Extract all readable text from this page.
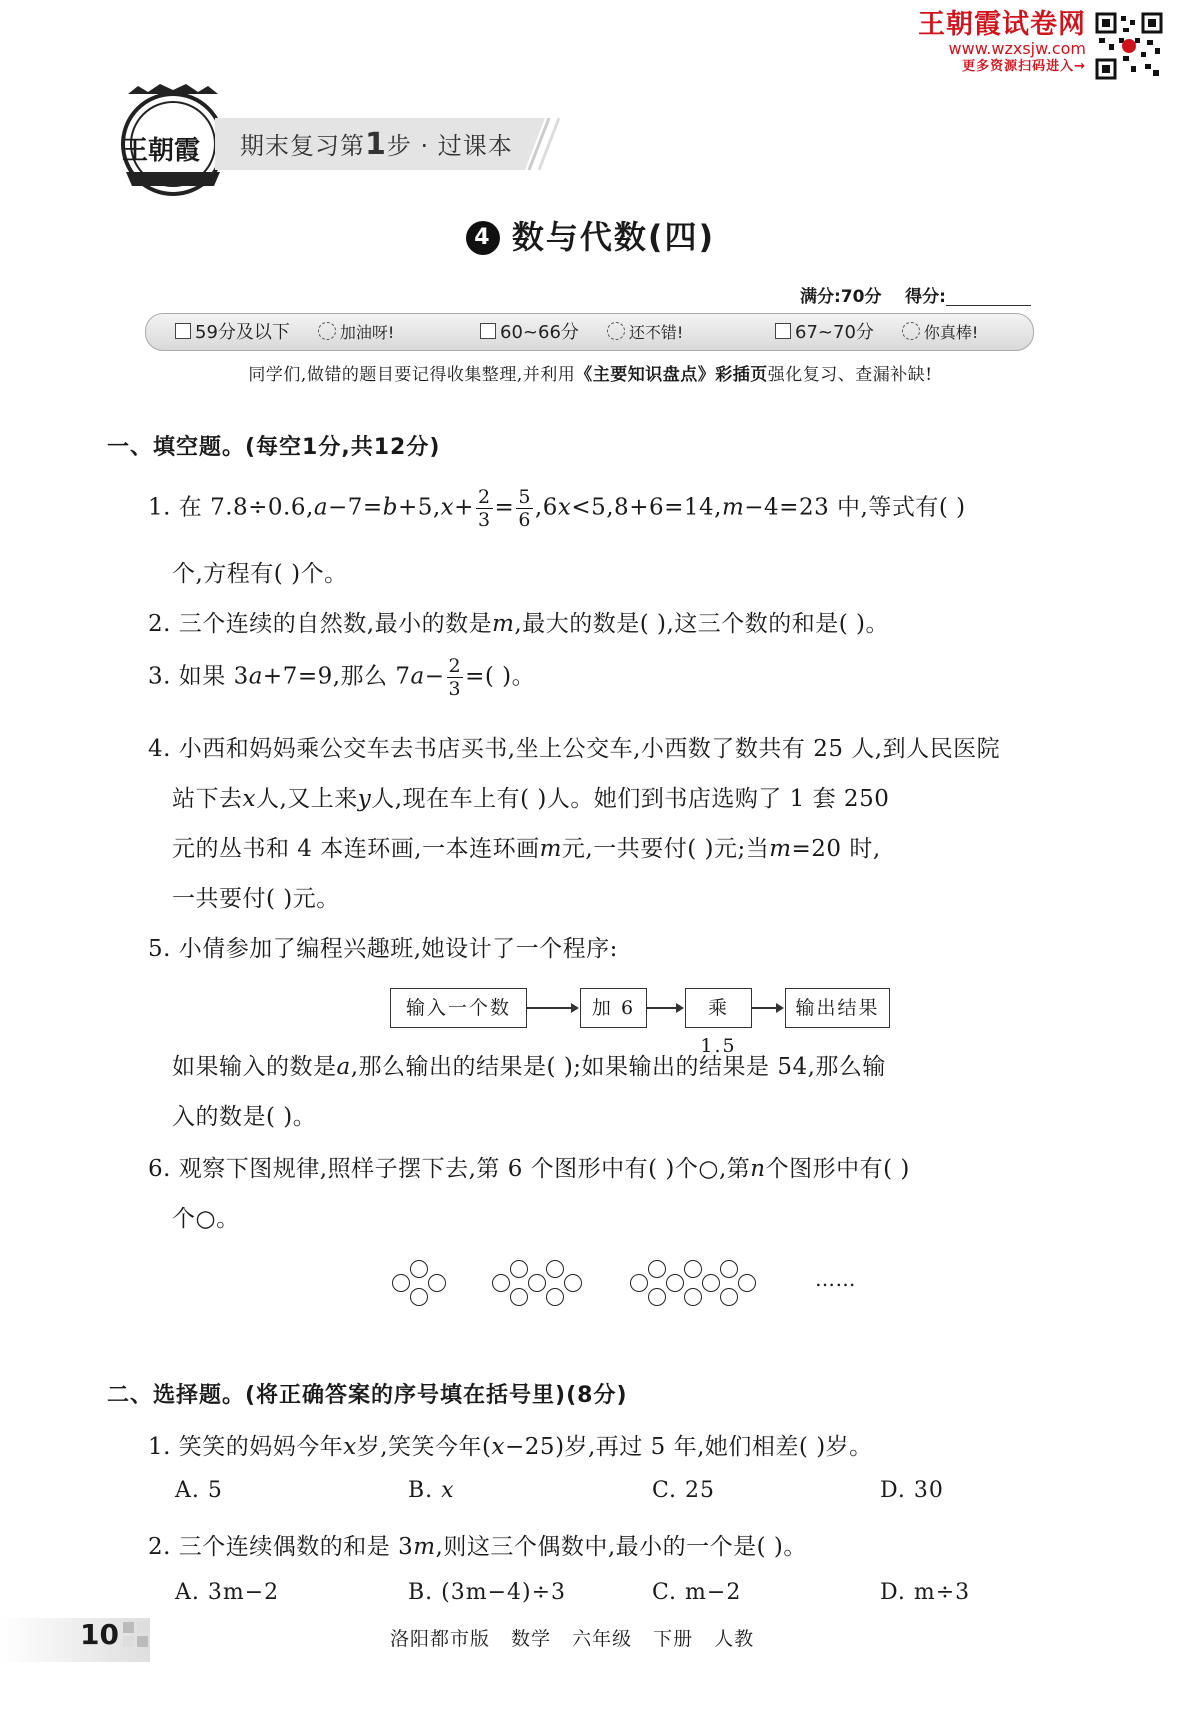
王朝霞试卷网
www.wzxsjw.com
更多资源扫码进入→
王朝霞 期末复习第1步 · 过课本
4 数与代数(四)
满分:70分 得分:
59分及以下	加油呀!	60~66分	还不错!	67~70分	你真棒!
同学们,做错的题目要记得收集整理,并利用《主要知识盘点》彩插页强化复习、查漏补缺!
一、填空题。(每空1分,共12分)
1. 在 $7.8\div 0.6,a-7=b+5,x+ \frac{2}{3} = \frac{5}{6} ,6x<5,8+6=14,m-4=23$ 中,等式有( )
个,方程有( )个。
2. 三个连续的自然数,最小的数是m,最大的数是( ),这三个数的和是( )。
3. 如果 3a+7=9,那么 $7a- \frac{2}{3}$ =( )。
4. 小西和妈妈乘公交车去书店买书,坐上公交车,小西数了数共有 25 人,到人民医院
站下去x人,又上来y人,现在车上有( )人。她们到书店选购了 1 套 250
元的丛书和 4 本连环画,一本连环画m元,一共要付( )元;当m=20 时,
一共要付( )元。
5. 小倩参加了编程兴趣班,她设计了一个程序:
输入一个数	加 6	乘 1.5
输出结果
如果输入的数是a,那么输出的结果是( );如果输出的结果是 54,那么输
入的数是( )。
6. 观察下图规律,照样子摆下去,第 6 个图形中有( )个○,第n个图形中有( )
个○。
……
二、选择题。(将正确答案的序号填在括号里)(8分)
1. 笑笑的妈妈今年x岁,笑笑今年(x−25)岁,再过 5 年,她们相差( )岁。
A. 5	B. x	C. 25	D. 30
2. 三个连续偶数的和是 3m,则这三个偶数中,最小的一个是( )。
A. 3m−2	B. (3m−4)÷3	C. m−2	D. m÷3
10	洛阳都市版 数学 六年级 下册 人教
